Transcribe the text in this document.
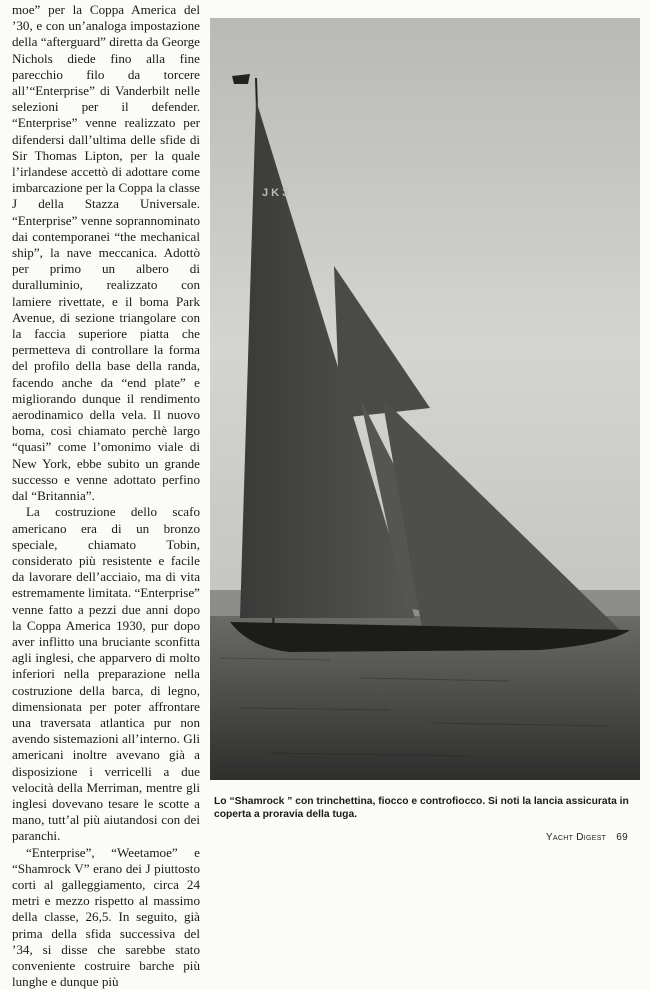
moe” per la Coppa America del ’30, e con un’analoga impostazione della “afterguard” diretta da George Nichols diede fino alla fine parecchio filo da torcere all’“Enterprise” di Vanderbilt nelle selezioni per il defender. “Enterprise” venne realizzato per difendersi dall’ultima delle sfide di Sir Thomas Lipton, per la quale l’irlandese accettò di adottare come imbarcazione per la Coppa la classe J della Stazza Universale. “Enterprise” venne soprannominato dai contemporanei “the mechanical ship”, la nave meccanica. Adottò per primo un albero di duralluminio, realizzato con lamiere rivettate, e il boma Park Avenue, di sezione triangolare con la faccia superiore piatta che permetteva di controllare la forma del profilo della base della randa, facendo anche da “end plate” e migliorando dunque il rendimento aerodinamico della vela. Il nuovo boma, così chiamato perchè largo “quasi” come l’omonimo viale di New York, ebbe subito un grande successo e venne adottato perfino dal “Britannia”.

La costruzione dello scafo americano era di un bronzo speciale, chiamato Tobin, considerato più resistente e facile da lavorare dell’acciaio, ma di vita estremamente limitata. “Enterprise” venne fatto a pezzi due anni dopo la Coppa America 1930, pur dopo aver inflitto una bruciante sconfitta agli inglesi, che apparvero di molto inferiori nella preparazione nella costruzione della barca, di legno, dimensionata per poter affrontare una traversata atlantica pur non avendo sistemazioni all’interno. Gli americani inoltre avevano già a disposizione i verricelli a due velocità della Merriman, mentre gli inglesi dovevano tesare le scotte a mano, tutt’al più aiutandosi con dei paranchi.

“Enterprise”, “Weetamoe” e “Shamrock V” erano dei J piuttosto corti al galleggiamento, circa 24 metri e mezzo rispetto al massimo della classe, 26,5. In seguito, già prima della sfida successiva del ’34, si disse che sarebbe stato conveniente costruire barche più lunghe e dunque più

J K 3
Lo “Shamrock ” con trinchettina, fiocco e controfiocco. Si noti la lancia assicurata in coperta a proravia della tuga.
Yacht Digest 69
